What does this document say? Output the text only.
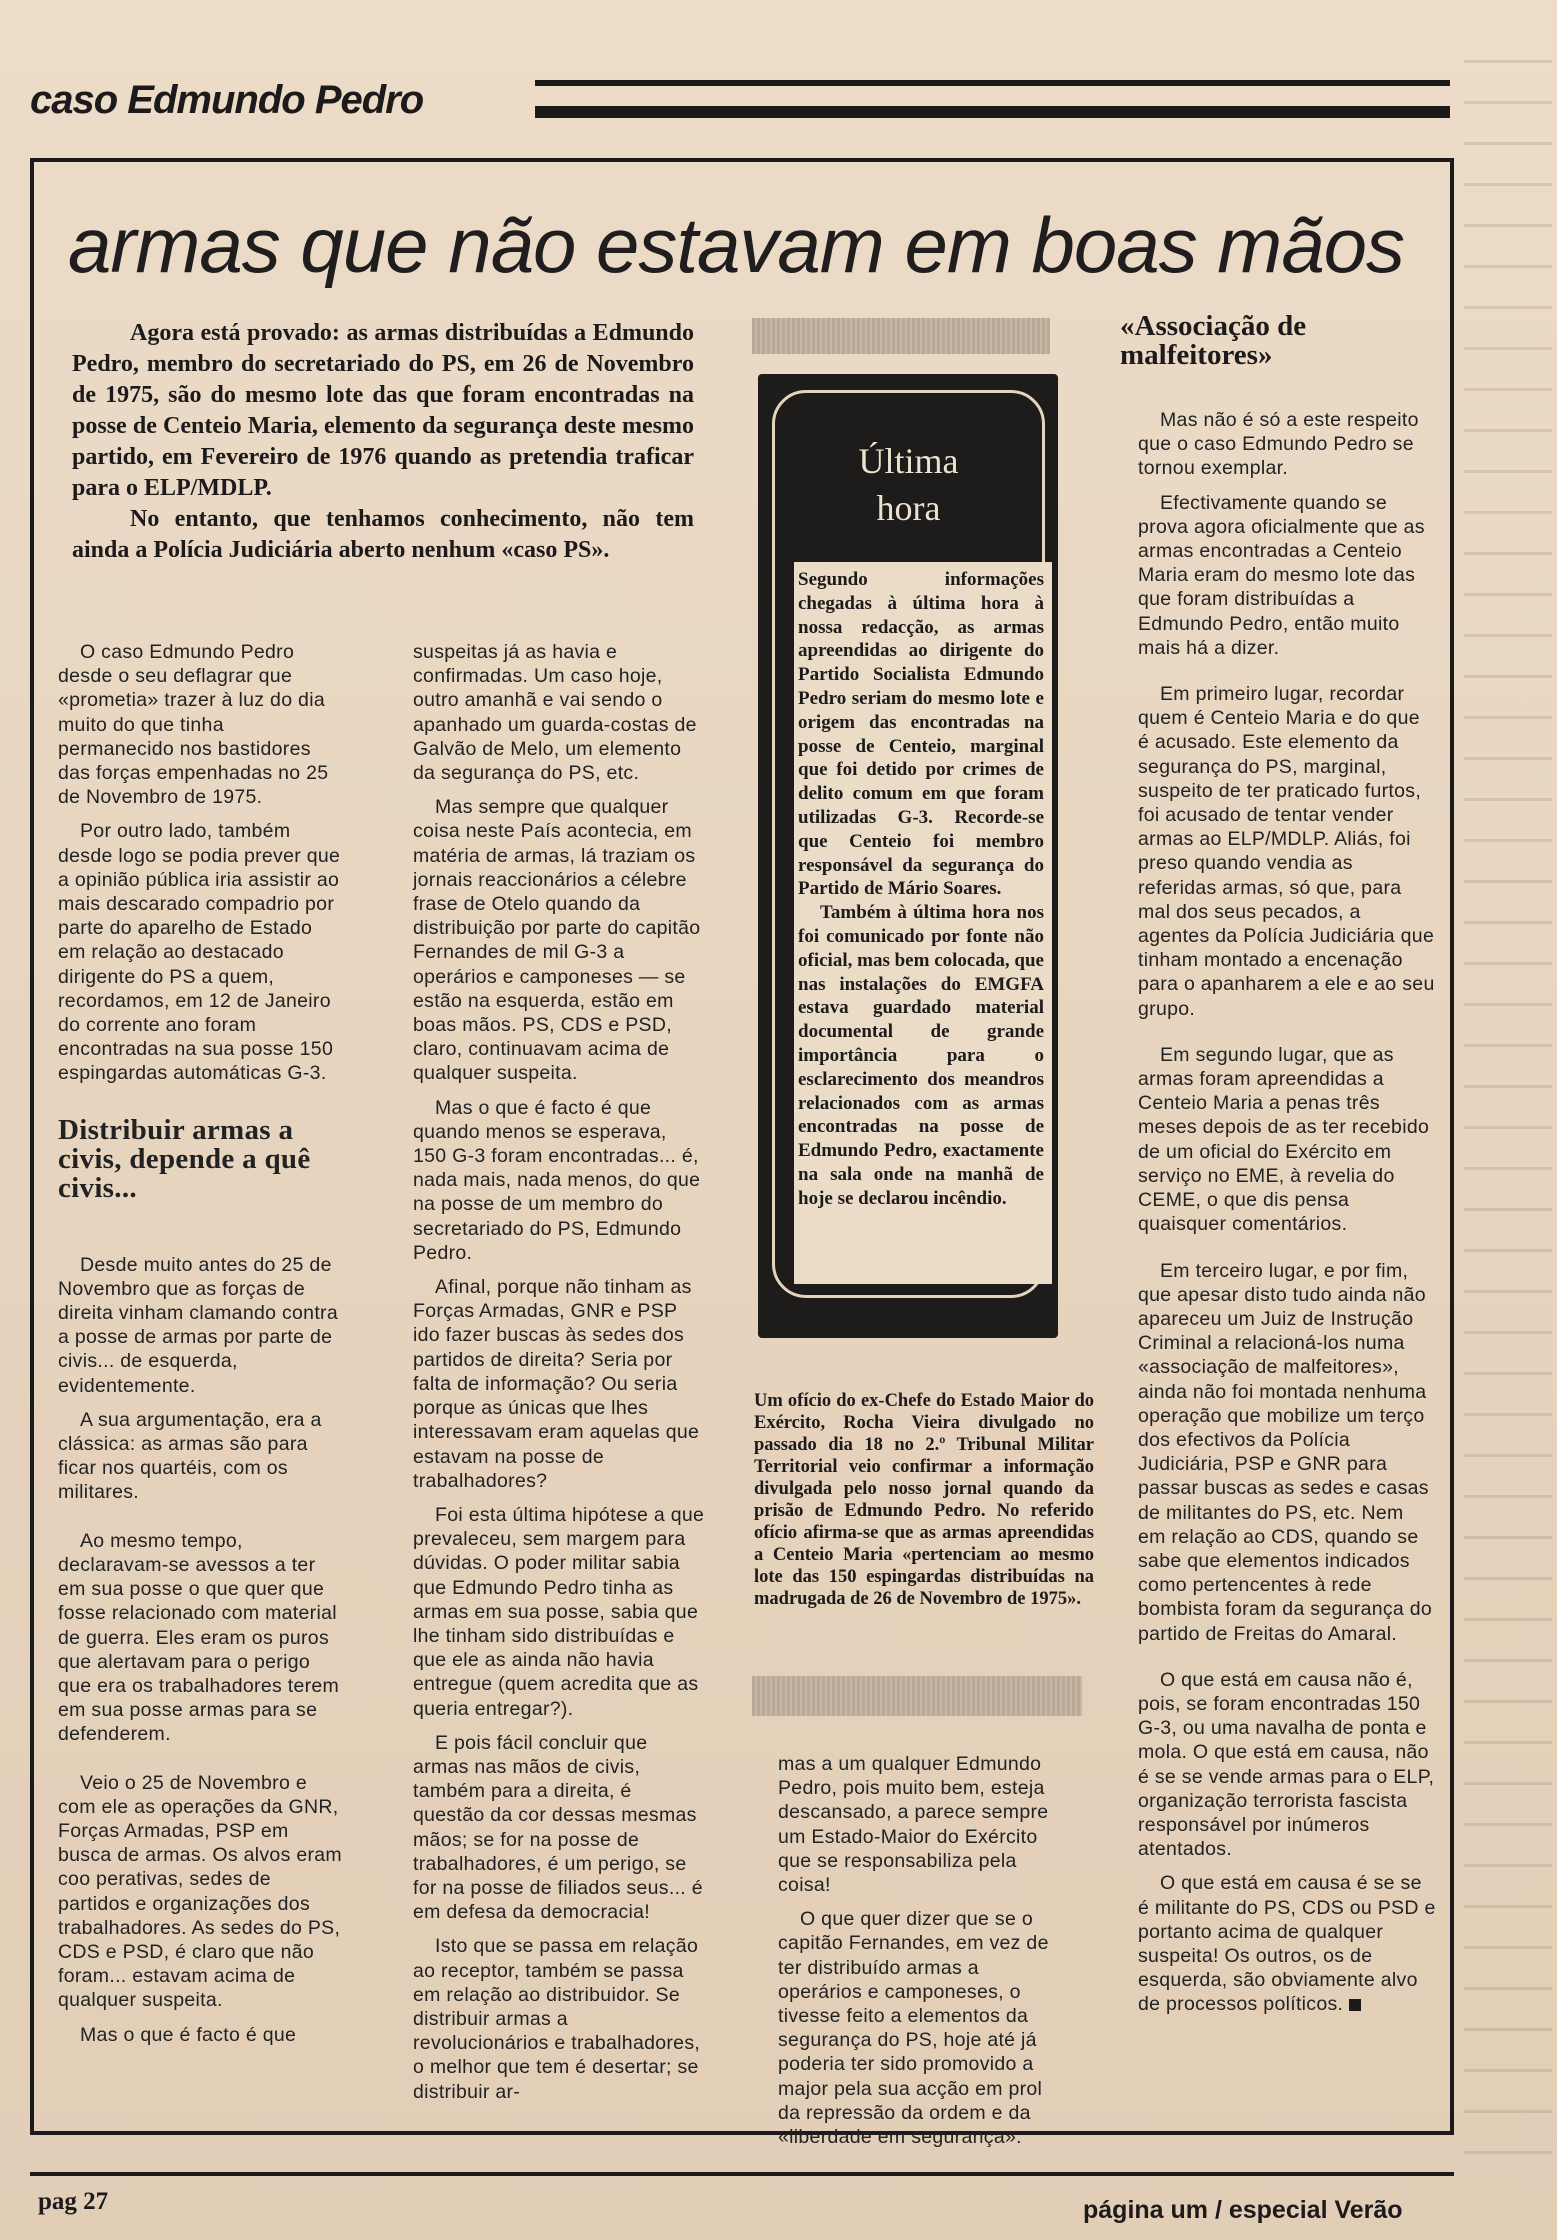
caso Edmundo Pedro
armas que não estavam em boas mãos

Agora está provado: as armas distribuídas a Edmundo Pedro, membro do secretariado do PS, em 26 de Novembro de 1975, são do mesmo lote das que foram encontradas na posse de Centeio Maria, elemento da segurança deste mesmo partido, em Fevereiro de 1976 quando as pretendia traficar para o ELP/MDLP.

No entanto, que tenhamos conhecimento, não tem ainda a Polícia Judiciária aberto nenhum «caso PS».

O caso Edmundo Pedro desde o seu deflagrar que «prometia» trazer à luz do dia muito do que tinha permanecido nos bastidores das forças empenhadas no 25 de Novembro de 1975.

Por outro lado, também desde logo se podia prever que a opinião pública iria assistir ao mais descarado compadrio por parte do aparelho de Estado em relação ao destacado dirigente do PS a quem, recordamos, em 12 de Janeiro do corrente ano foram encontradas na sua posse 150 espingardas automáticas G-3.

Distribuir armas a civis, depende a quê civis...

Desde muito antes do 25 de Novembro que as forças de direita vinham clamando contra a posse de armas por parte de civis... de esquerda, evidentemente.

A sua argumentação, era a clássica: as armas são para ficar nos quartéis, com os militares.

Ao mesmo tempo, declaravam-se avessos a ter em sua posse o que quer que fosse relacionado com material de guerra. Eles eram os puros que alertavam para o perigo que era os trabalhadores terem em sua posse armas para se defenderem.

Veio o 25 de Novembro e com ele as operações da GNR, Forças Armadas, PSP em busca de armas. Os alvos eram coo perativas, sedes de partidos e organizações dos trabalhadores. As sedes do PS, CDS e PSD, é claro que não foram... estavam acima de qualquer suspeita.

Mas o que é facto é que

suspeitas já as havia e confirmadas. Um caso hoje, outro amanhã e vai sendo o apanhado um guarda-costas de Galvão de Melo, um elemento da segurança do PS, etc.

Mas sempre que qualquer coisa neste País acontecia, em matéria de armas, lá traziam os jornais reaccionários a célebre frase de Otelo quando da distribuição por parte do capitão Fernandes de mil G-3 a operários e camponeses — se estão na esquerda, estão em boas mãos. PS, CDS e PSD, claro, continuavam acima de qualquer suspeita.

Mas o que é facto é que quando menos se esperava, 150 G-3 foram encontradas... é, nada mais, nada menos, do que na posse de um membro do secretariado do PS, Edmundo Pedro.

Afinal, porque não tinham as Forças Armadas, GNR e PSP ido fazer buscas às sedes dos partidos de direita? Seria por falta de informação? Ou seria porque as únicas que lhes interessavam eram aquelas que estavam na posse de trabalhadores?

Foi esta última hipótese a que prevaleceu, sem margem para dúvidas. O poder militar sabia que Edmundo Pedro tinha as armas em sua posse, sabia que lhe tinham sido distribuídas e que ele as ainda não havia entregue (quem acredita que as queria entregar?).

E pois fácil concluir que armas nas mãos de civis, também para a direita, é questão da cor dessas mesmas mãos; se for na posse de trabalhadores, é um perigo, se for na posse de filiados seus... é em defesa da democracia!

Isto que se passa em relação ao receptor, também se passa em relação ao distribuidor. Se distribuir armas a revolucionários e trabalhadores, o melhor que tem é desertar; se distribuir ar-

Última
hora

Segundo informações chegadas à última hora à nossa redacção, as armas apreendidas ao dirigente do Partido Socialista Edmundo Pedro seriam do mesmo lote e origem das encontradas na posse de Centeio, marginal que foi detido por crimes de delito comum em que foram utilizadas G-3. Recorde-se que Centeio foi membro responsável da segurança do Partido de Mário Soares.

Também à última hora nos foi comunicado por fonte não oficial, mas bem colocada, que nas instalações do EMGFA estava guardado material documental de grande importância para o esclarecimento dos meandros relacionados com as armas encontradas na posse de Edmundo Pedro, exactamente na sala onde na manhã de hoje se declarou incêndio.

Um ofício do ex-Chefe do Estado Maior do Exército, Rocha Vieira divulgado no passado dia 18 no 2.º Tribunal Militar Territorial veio confirmar a informação divulgada pelo nosso jornal quando da prisão de Edmundo Pedro. No referido ofício afirma-se que as armas apreendidas a Centeio Maria «pertenciam ao mesmo lote das 150 espingardas distribuídas na madrugada de 26 de Novembro de 1975».

mas a um qualquer Edmundo Pedro, pois muito bem, esteja descansado, a parece sempre um Estado-Maior do Exército que se responsabiliza pela coisa!

O que quer dizer que se o capitão Fernandes, em vez de ter distribuído armas a operários e camponeses, o tivesse feito a elementos da segurança do PS, hoje até já poderia ter sido promovido a major pela sua acção em prol da repressão da ordem e da «liberdade em segurança».

«Associação de malfeitores»

Mas não é só a este respeito que o caso Edmundo Pedro se tornou exemplar.

Efectivamente quando se prova agora oficialmente que as armas encontradas a Centeio Maria eram do mesmo lote das que foram distribuídas a Edmundo Pedro, então muito mais há a dizer.

Em primeiro lugar, recordar quem é Centeio Maria e do que é acusado. Este elemento da segurança do PS, marginal, suspeito de ter praticado furtos, foi acusado de tentar vender armas ao ELP/MDLP. Aliás, foi preso quando vendia as referidas armas, só que, para mal dos seus pecados, a agentes da Polícia Judiciária que tinham montado a encenação para o apanharem a ele e ao seu grupo.

Em segundo lugar, que as armas foram apreendidas a Centeio Maria a penas três meses depois de as ter recebido de um oficial do Exército em serviço no EME, à revelia do CEME, o que dis pensa quaisquer comentários.

Em terceiro lugar, e por fim, que apesar disto tudo ainda não apareceu um Juiz de Instrução Criminal a relacioná-los numa «associação de malfeitores», ainda não foi montada nenhuma operação que mobilize um terço dos efectivos da Polícia Judiciária, PSP e GNR para passar buscas as sedes e casas de militantes do PS, etc. Nem em relação ao CDS, quando se sabe que elementos indicados como pertencentes à rede bombista foram da segurança do partido de Freitas do Amaral.

O que está em causa não é, pois, se foram encontradas 150 G-3, ou uma navalha de ponta e mola. O que está em causa, não é se se vende armas para o ELP, organização terrorista fascista responsável por inúmeros atentados.

O que está em causa é se se é militante do PS, CDS ou PSD e portanto acima de qualquer suspeita! Os outros, os de esquerda, são obviamente alvo de processos políticos.

pag 27	página um / especial Verão
